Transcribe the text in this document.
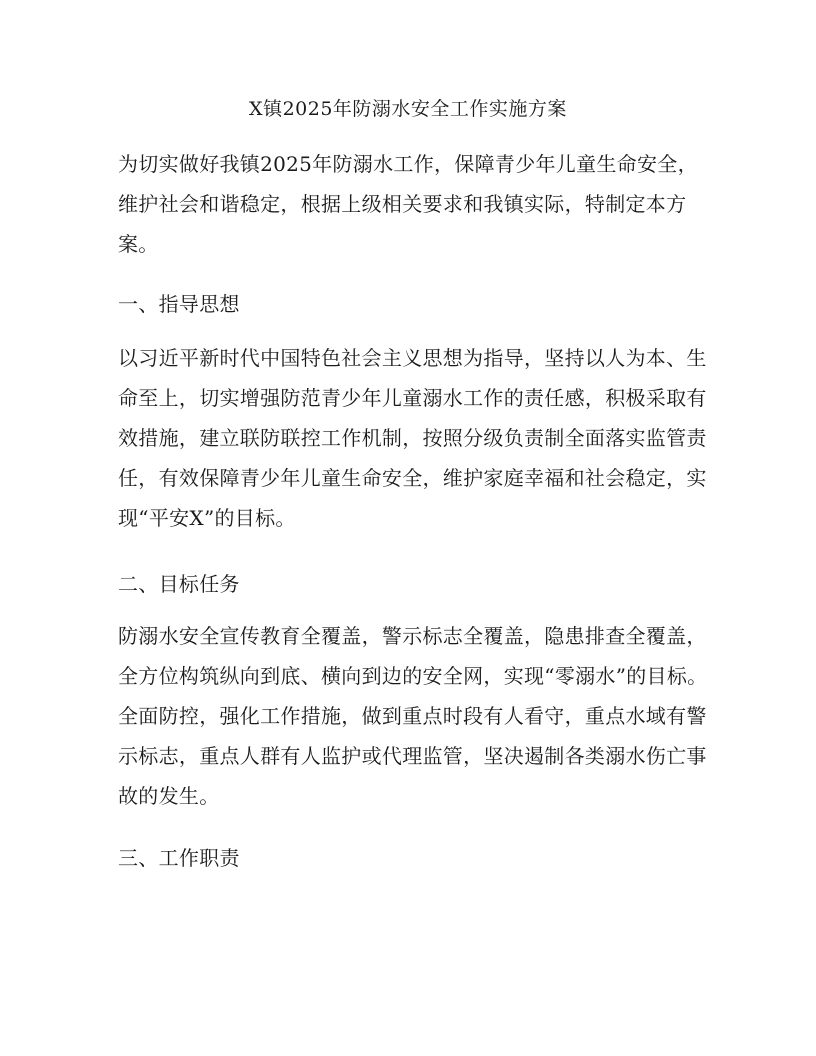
X镇2025年防溺水安全工作实施方案

为切实做好我镇2025年防溺水工作，保障青少年儿童生命安全，维护社会和谐稳定，根据上级相关要求和我镇实际，特制定本方案。

一、指导思想

以习近平新时代中国特色社会主义思想为指导，坚持以人为本、生命至上，切实增强防范青少年儿童溺水工作的责任感，积极采取有效措施，建立联防联控工作机制，按照分级负责制全面落实监管责任，有效保障青少年儿童生命安全，维护家庭幸福和社会稳定，实现“平安X”的目标。

二、目标任务

防溺水安全宣传教育全覆盖，警示标志全覆盖，隐患排查全覆盖，全方位构筑纵向到底、横向到边的安全网，实现“零溺水”的目标。全面防控，强化工作措施，做到重点时段有人看守，重点水域有警示标志，重点人群有人监护或代理监管，坚决遏制各类溺水伤亡事故的发生。

三、工作职责
